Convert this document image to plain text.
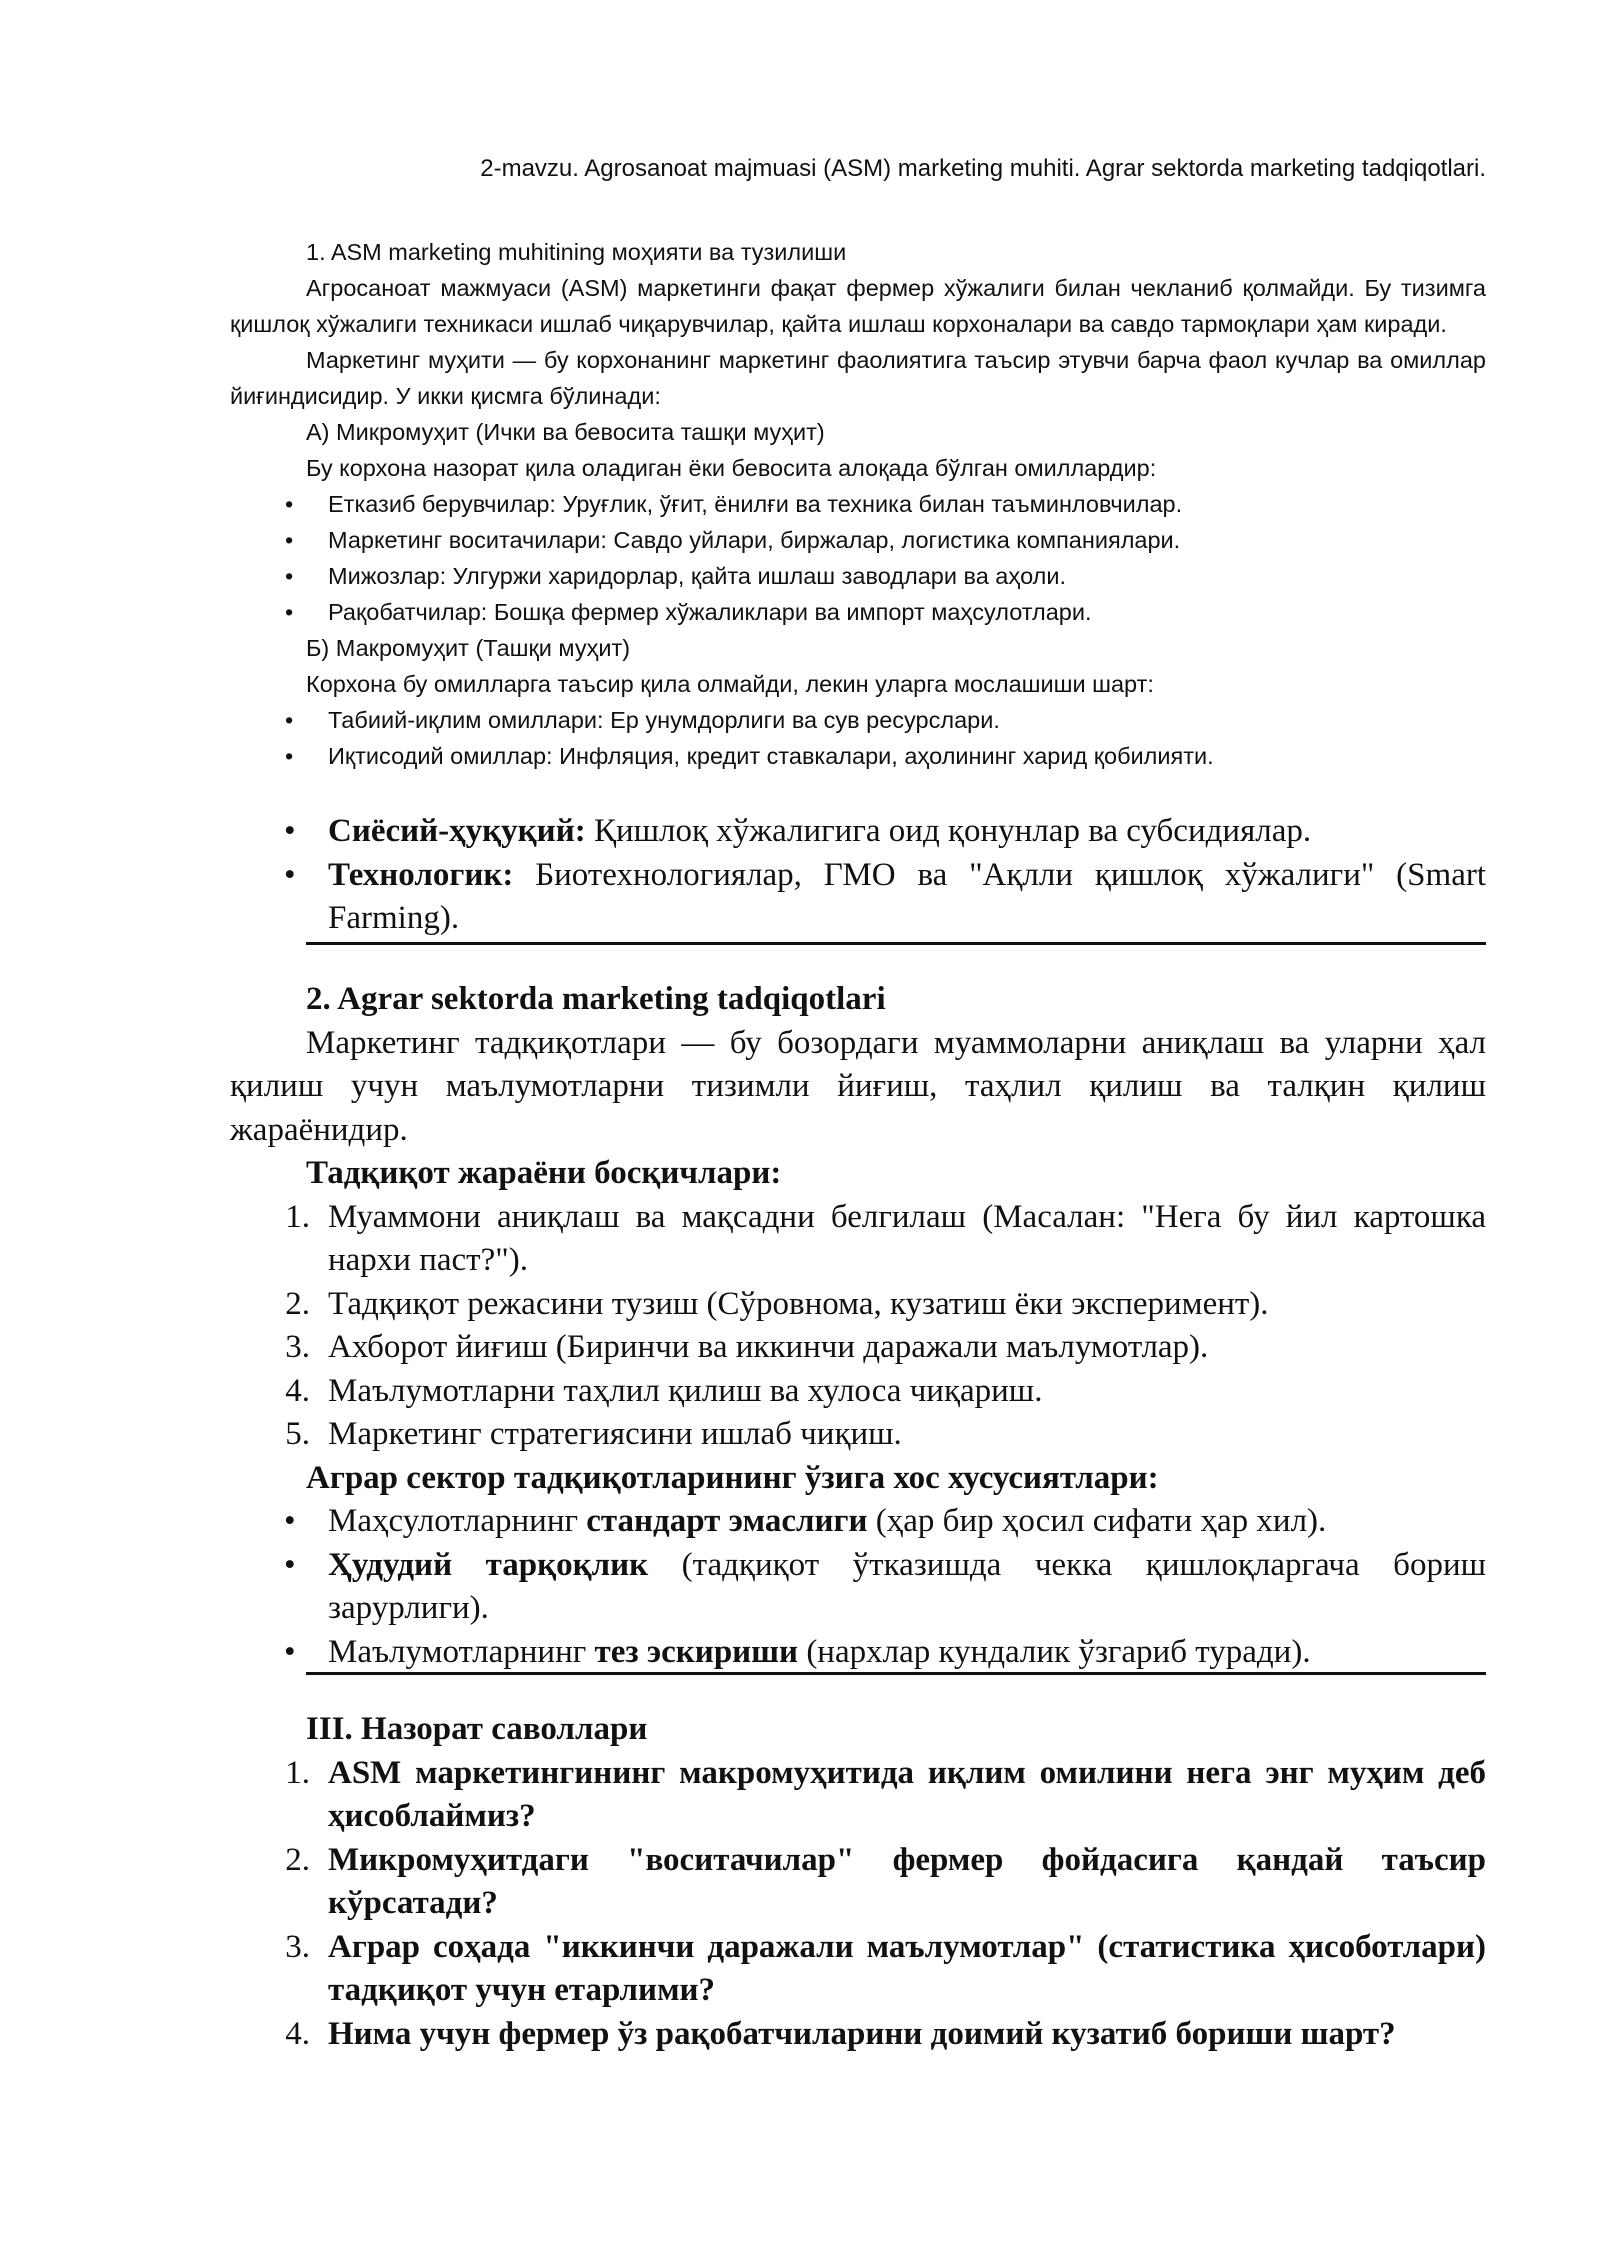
2-mavzu. Agrosanoat majmuasi (ASM) marketing muhiti. Agrar sektorda marketing tadqiqotlari.

1. ASM marketing muhitining моҳияти ва тузилиши

Агросаноат мажмуаси (ASM) маркетинги фақат фермер хўжалиги билан чекланиб қолмайди. Бу тизимга қишлоқ хўжалиги техникаси ишлаб чиқарувчилар, қайта ишлаш корхоналари ва савдо тармоқлари ҳам киради.

Маркетинг муҳити — бу корхонанинг маркетинг фаолиятига таъсир этувчи барча фаол кучлар ва омиллар йиғиндисидир. У икки қисмга бўлинади:

А) Микромуҳит (Ички ва бевосита ташқи муҳит)

Бу корхона назорат қила оладиган ёки бевосита алоқада бўлган омиллардир:

• Етказиб берувчилар: Уруғлик, ўғит, ёнилғи ва техника билан таъминловчилар.
• Маркетинг воситачилари: Савдо уйлари, биржалар, логистика компаниялари.
• Мижозлар: Улгуржи харидорлар, қайта ишлаш заводлари ва аҳоли.
• Рақобатчилар: Бошқа фермер хўжаликлари ва импорт маҳсулотлари.

Б) Макромуҳит (Ташқи муҳит)

Корхона бу омилларга таъсир қила олмайди, лекин уларга мослашиши шарт:

• Табиий-иқлим омиллари: Ер унумдорлиги ва сув ресурслари.
• Иқтисодий омиллар: Инфляция, кредит ставкалари, аҳолининг харид қобилияти.
• Сиёсий-ҳуқуқий: Қишлоқ хўжалигига оид қонунлар ва субсидиялар.
• Технологик: Биотехнологиялар, ГМО ва "Ақлли қишлоқ хўжалиги" (Smart Farming).

2. Agrar sektorda marketing tadqiqotlari

Маркетинг тадқиқотлари — бу бозордаги муаммоларни аниқлаш ва уларни ҳал қилиш учун маълумотларни тизимли йиғиш, таҳлил қилиш ва талқин қилиш жараёнидир.

Тадқиқот жараёни босқичлари:

1. Муаммони аниқлаш ва мақсадни белгилаш (Масалан: "Нега бу йил картошка нархи паст?").
2. Тадқиқот режасини тузиш (Сўровнома, кузатиш ёки эксперимент).
3. Ахборот йиғиш (Биринчи ва иккинчи даражали маълумотлар).
4. Маълумотларни таҳлил қилиш ва хулоса чиқариш.
5. Маркетинг стратегиясини ишлаб чиқиш.

Аграр сектор тадқиқотларининг ўзига хос хусусиятлари:

• Маҳсулотларнинг стандарт эмаслиги (ҳар бир ҳосил сифати ҳар хил).
• Ҳудудий тарқоқлик (тадқиқот ўтказишда чекка қишлоқларгача бориш зарурлиги).
• Маълумотларнинг тез эскириши (нархлар кундалик ўзгариб туради).

III. Назорат саволлари

1. ASM маркетингининг макромуҳитида иқлим омилини нега энг муҳим деб ҳисоблаймиз?
2. Микромуҳитдаги "воситачилар" фермер фойдасига қандай таъсир кўрсатади?
3. Аграр соҳада "иккинчи даражали маълумотлар" (статистика ҳисоботлари) тадқиқот учун етарлими?
4. Нима учун фермер ўз рақобатчиларини доимий кузатиб бориши шарт?
